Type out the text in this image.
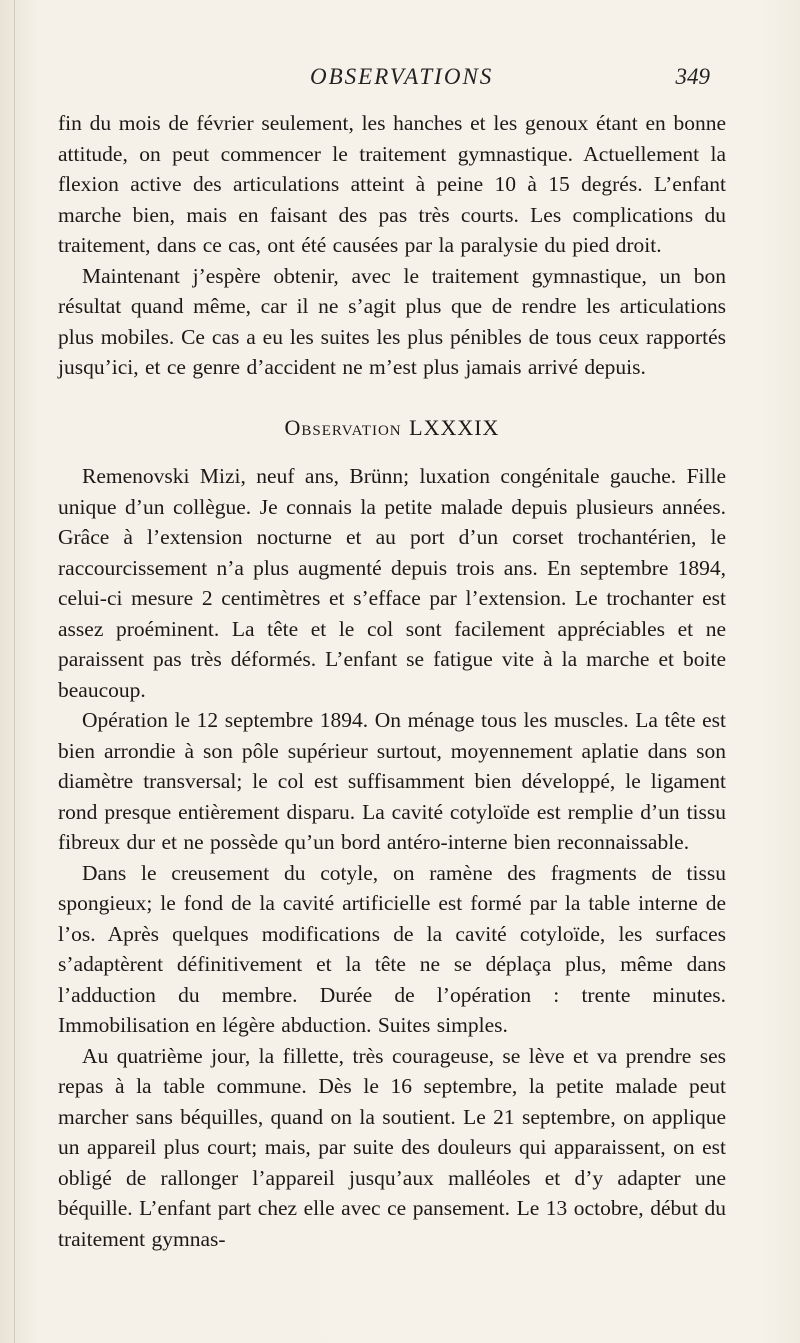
OBSERVATIONS	349

fin du mois de février seulement, les hanches et les genoux étant en bonne attitude, on peut commencer le traitement gymnastique. Actuellement la flexion active des articulations atteint à peine 10 à 15 degrés. L’enfant marche bien, mais en faisant des pas très courts. Les complications du traitement, dans ce cas, ont été causées par la paralysie du pied droit.

Maintenant j’espère obtenir, avec le traitement gymnastique, un bon résultat quand même, car il ne s’agit plus que de rendre les articulations plus mobiles. Ce cas a eu les suites les plus pénibles de tous ceux rapportés jusqu’ici, et ce genre d’accident ne m’est plus jamais arrivé depuis.

Observation LXXXIX

Remenovski Mizi, neuf ans, Brünn; luxation congénitale gauche. Fille unique d’un collègue. Je connais la petite malade depuis plusieurs années. Grâce à l’extension nocturne et au port d’un corset trochantérien, le raccourcissement n’a plus augmenté depuis trois ans. En septembre 1894, celui-ci mesure 2 centimètres et s’efface par l’extension. Le trochanter est assez proéminent. La tête et le col sont facilement appréciables et ne paraissent pas très déformés. L’enfant se fatigue vite à la marche et boite beaucoup.

Opération le 12 septembre 1894. On ménage tous les muscles. La tête est bien arrondie à son pôle supérieur surtout, moyennement aplatie dans son diamètre transversal; le col est suffisamment bien développé, le ligament rond presque entièrement disparu. La cavité cotyloïde est remplie d’un tissu fibreux dur et ne possède qu’un bord antéro-interne bien reconnaissable.

Dans le creusement du cotyle, on ramène des fragments de tissu spongieux; le fond de la cavité artificielle est formé par la table interne de l’os. Après quelques modifications de la cavité cotyloïde, les surfaces s’adaptèrent définitivement et la tête ne se déplaça plus, même dans l’adduction du membre. Durée de l’opération : trente minutes. Immobilisation en légère abduction. Suites simples.

Au quatrième jour, la fillette, très courageuse, se lève et va prendre ses repas à la table commune. Dès le 16 septembre, la petite malade peut marcher sans béquilles, quand on la soutient. Le 21 septembre, on applique un appareil plus court; mais, par suite des douleurs qui apparaissent, on est obligé de rallonger l’appareil jusqu’aux malléoles et d’y adapter une béquille. L’enfant part chez elle avec ce pansement. Le 13 octobre, début du traitement gymnas-
